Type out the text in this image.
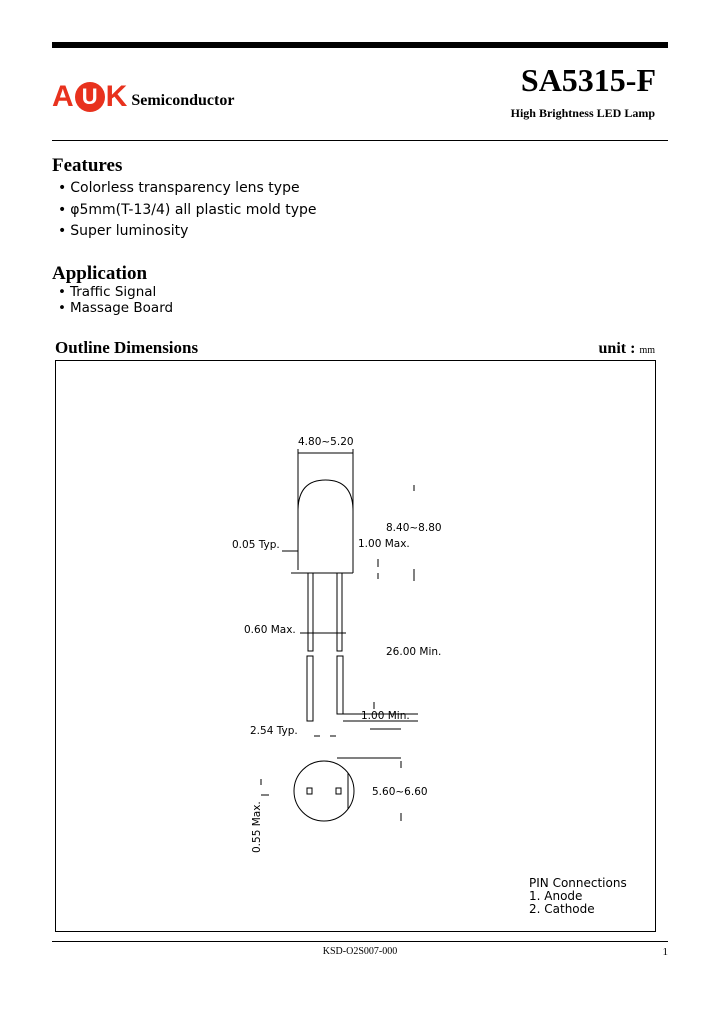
A U K Semiconductor
SA5315-F
High Brightness LED Lamp
Features
• Colorless transparency lens type
• φ5mm(T-13/4) all plastic mold type
• Super luminosity
Application
• Traffic Signal
• Massage Board
Outline Dimensions	unit : mm
4.80~5.20
0.05 Typ.
8.40~8.80
1.00 Max.
0.60 Max.
26.00 Min.
1.00 Min.
2.54 Typ.
5.60~6.60
0.55 Max.
PIN Connections
1. Anode
2. Cathode
KSD-O2S007-000	1
